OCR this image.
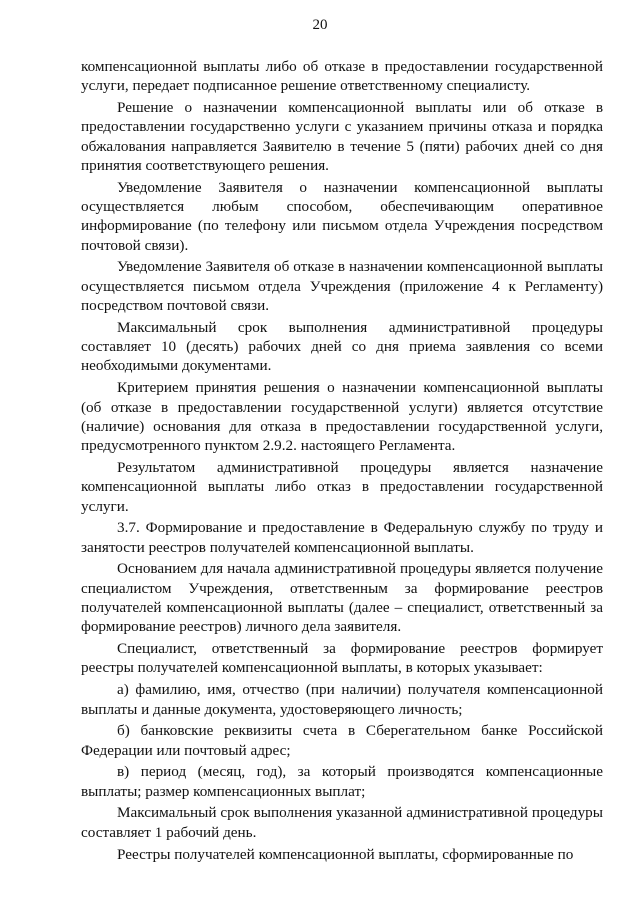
20

компенсационной выплаты либо об отказе в предоставлении государственной услуги, передает подписанное решение ответственному специалисту.

Решение о назначении компенсационной выплаты или об отказе в предоставлении государственно услуги с указанием причины отказа и порядка обжалования направляется Заявителю в течение 5 (пяти) рабочих дней со дня принятия соответствующего решения.

Уведомление Заявителя о назначении компенсационной выплаты осуществляется любым способом, обеспечивающим оперативное информирование (по телефону или письмом отдела Учреждения посредством почтовой связи).

Уведомление Заявителя об отказе в назначении компенсационной выплаты осуществляется письмом отдела Учреждения (приложение 4 к Регламенту) посредством почтовой связи.

Максимальный срок выполнения административной процедуры составляет 10 (десять) рабочих дней со дня приема заявления со всеми необходимыми документами.

Критерием принятия решения о назначении компенсационной выплаты (об отказе в предоставлении государственной услуги) является отсутствие (наличие) основания для отказа в предоставлении государственной услуги, предусмотренного пунктом 2.9.2. настоящего Регламента.

Результатом административной процедуры является назначение компенсационной выплаты либо отказ в предоставлении государственной услуги.

3.7. Формирование и предоставление в Федеральную службу по труду и занятости реестров получателей компенсационной выплаты.

Основанием для начала административной процедуры является получение специалистом Учреждения, ответственным за формирование реестров получателей компенсационной выплаты (далее – специалист, ответственный за формирование реестров) личного дела заявителя.

Специалист, ответственный за формирование реестров формирует реестры получателей компенсационной выплаты, в которых указывает:

а) фамилию, имя, отчество (при наличии) получателя компенсационной выплаты и данные документа, удостоверяющего личность;

б) банковские реквизиты счета в Сберегательном банке Российской Федерации или почтовый адрес;

в) период (месяц, год), за который производятся компенсационные выплаты; размер компенсационных выплат;

Максимальный срок выполнения указанной административной процедуры составляет 1 рабочий день.

Реестры получателей компенсационной выплаты, сформированные по
